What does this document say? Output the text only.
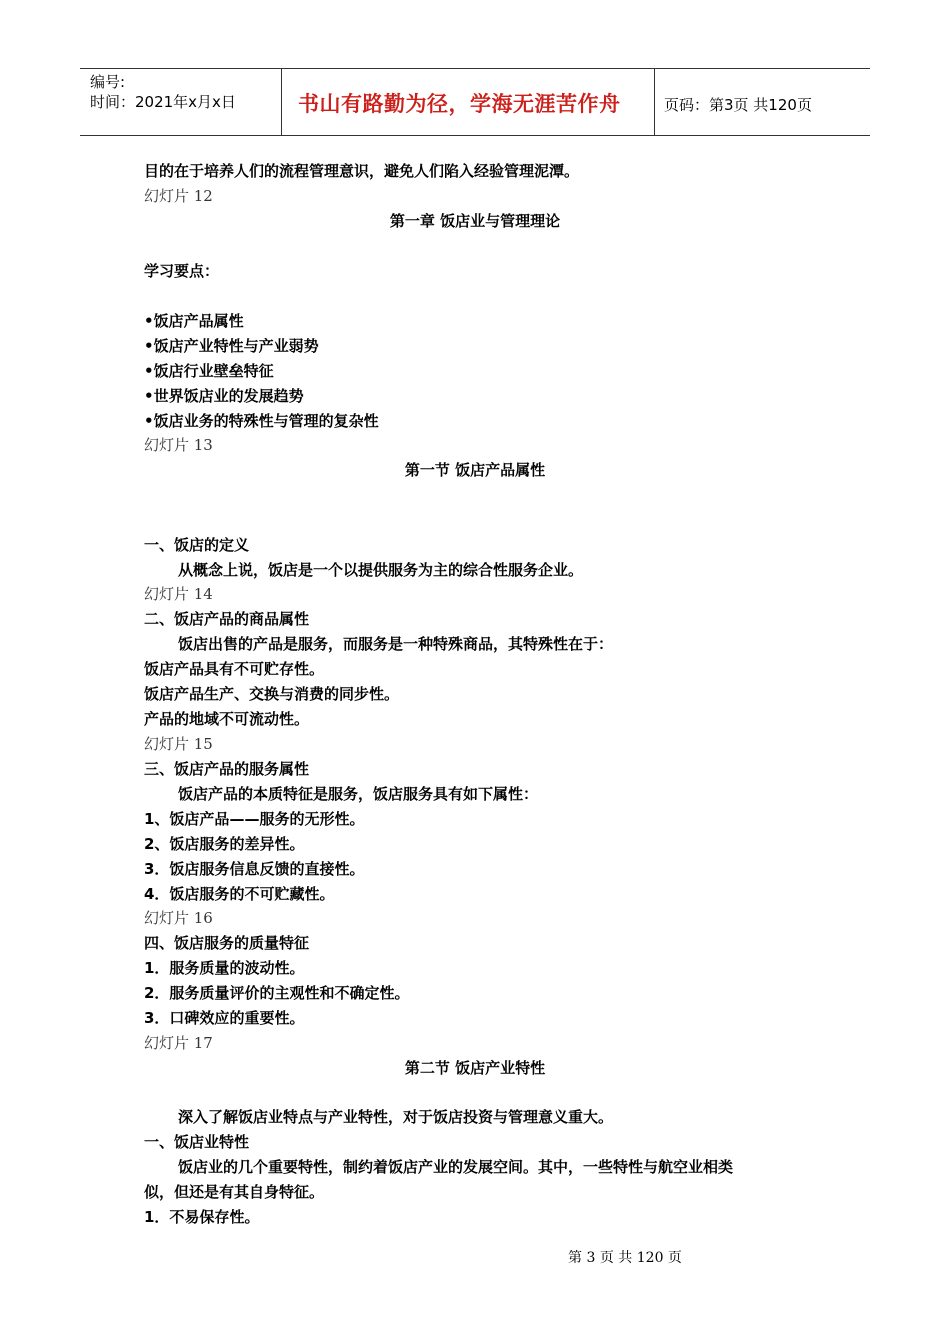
编号:
时间：2021年x月x日	书山有路勤为径，学海无涯苦作舟	页码：第3页 共120页
目的在于培养人们的流程管理意识，避免人们陷入经验管理泥潭。
幻灯片 12
第一章 饭店业与管理理论
学习要点：
•饭店产品属性
•饭店产业特性与产业弱势
•饭店行业壁垒特征
•世界饭店业的发展趋势
•饭店业务的特殊性与管理的复杂性
幻灯片 13
第一节 饭店产品属性
一、饭店的定义
从概念上说，饭店是一个以提供服务为主的综合性服务企业。
幻灯片 14
二、饭店产品的商品属性
饭店出售的产品是服务，而服务是一种特殊商品，其特殊性在于：
饭店产品具有不可贮存性。
饭店产品生产、交换与消费的同步性。
产品的地域不可流动性。
幻灯片 15
三、饭店产品的服务属性
饭店产品的本质特征是服务，饭店服务具有如下属性：
1、饭店产品——服务的无形性。
2、饭店服务的差异性。
3．饭店服务信息反馈的直接性。
4．饭店服务的不可贮藏性。
幻灯片 16
四、饭店服务的质量特征
1．服务质量的波动性。
2．服务质量评价的主观性和不确定性。
3．口碑效应的重要性。
幻灯片 17
第二节 饭店产业特性
深入了解饭店业特点与产业特性，对于饭店投资与管理意义重大。
一、饭店业特性
饭店业的几个重要特性，制约着饭店产业的发展空间。其中，一些特性与航空业相类
似，但还是有其自身特征。
1．不易保存性。
第 3 页 共 120 页
